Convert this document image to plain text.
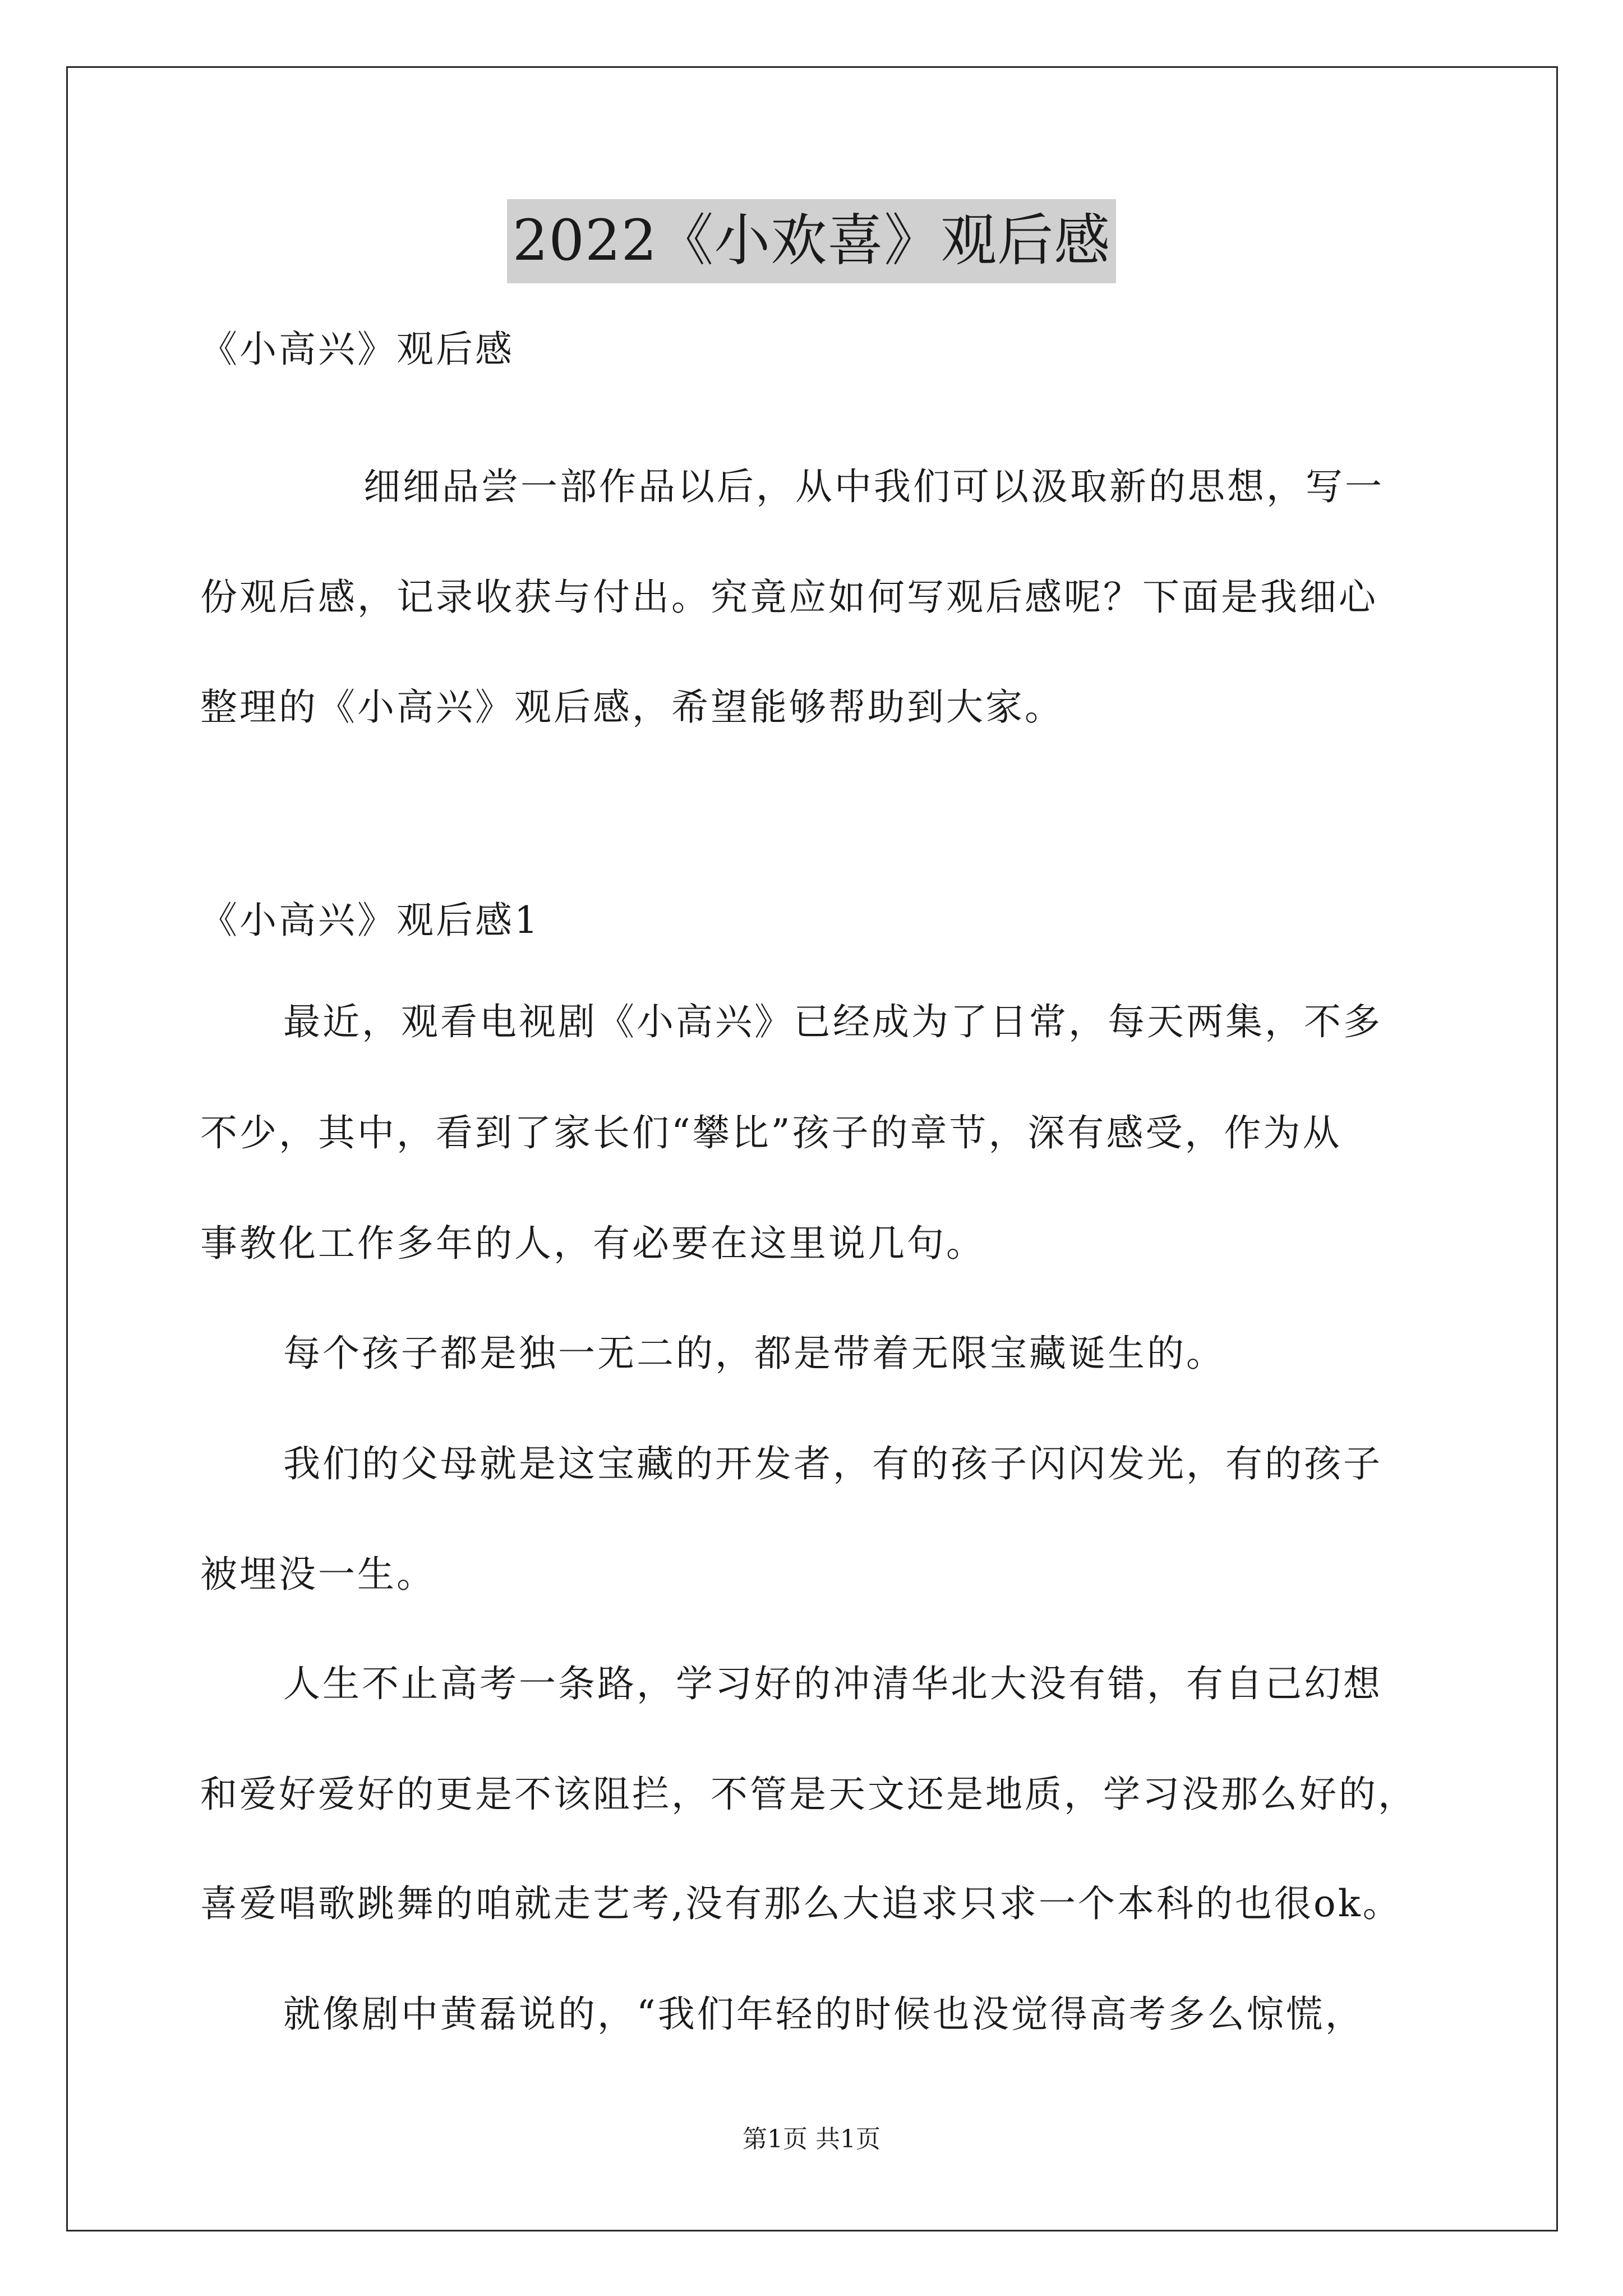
2022《小欢喜》观后感
《小高兴》观后感
细细品尝一部作品以后，从中我们可以汲取新的思想，写一
份观后感，记录收获与付出。究竟应如何写观后感呢？下面是我细心
整理的《小高兴》观后感，希望能够帮助到大家。
《小高兴》观后感1
最近，观看电视剧《小高兴》已经成为了日常，每天两集，不多
不少，其中，看到了家长们“攀比”孩子的章节，深有感受，作为从
事教化工作多年的人，有必要在这里说几句。
每个孩子都是独一无二的，都是带着无限宝藏诞生的。
我们的父母就是这宝藏的开发者，有的孩子闪闪发光，有的孩子
被埋没一生。
人生不止高考一条路，学习好的冲清华北大没有错，有自己幻想
和爱好爱好的更是不该阻拦，不管是天文还是地质，学习没那么好的，
喜爱唱歌跳舞的咱就走艺考,没有那么大追求只求一个本科的也很ok。
就像剧中黄磊说的，“我们年轻的时候也没觉得高考多么惊慌，
第1页 共1页
